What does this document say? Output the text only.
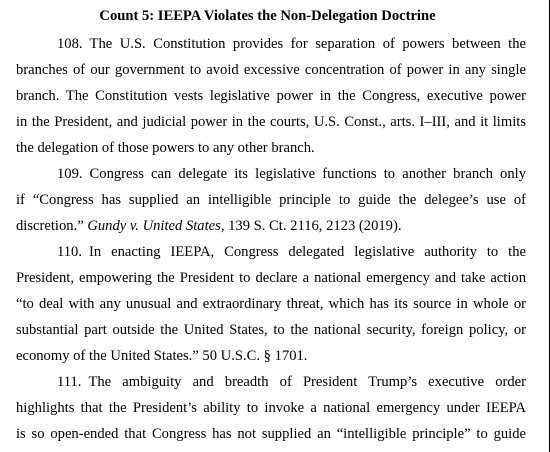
Count 5: IEEPA Violates the Non-Delegation Doctrine
108. The U.S. Constitution provides for separation of powers between the
branches of our government to avoid excessive concentration of power in any single
branch. The Constitution vests legislative power in the Congress, executive power
in the President, and judicial power in the courts, U.S. Const., arts. I–III, and it limits
the delegation of those powers to any other branch.
109. Congress can delegate its legislative functions to another branch only
if “Congress has supplied an intelligible principle to guide the delegee’s use of
discretion.” Gundy v. United States, 139 S. Ct. 2116, 2123 (2019).
110. In enacting IEEPA, Congress delegated legislative authority to the
President, empowering the President to declare a national emergency and take action
“to deal with any unusual and extraordinary threat, which has its source in whole or
substantial part outside the United States, to the national security, foreign policy, or
economy of the United States.” 50 U.S.C. § 1701.
111. The ambiguity and breadth of President Trump’s executive order
highlights that the President’s ability to invoke a national emergency under IEEPA
is so open-ended that Congress has not supplied an “intelligible principle” to guide
